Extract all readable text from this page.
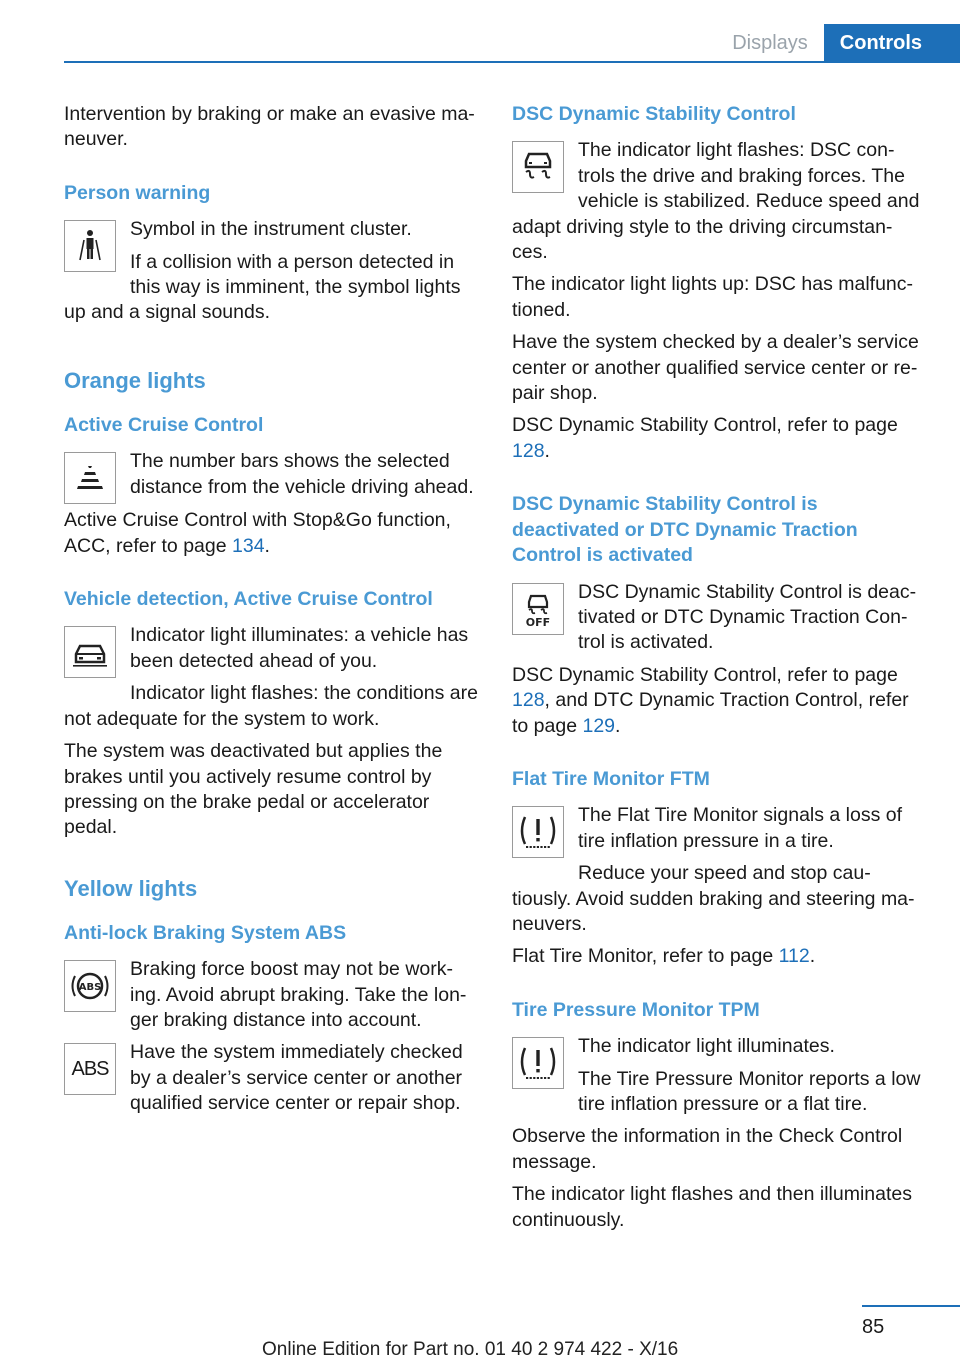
Displays	Controls

Intervention by braking or make an evasive ma‐ neuver.

Person warning

Symbol in the instrument cluster.

If a collision with a person detected in this way is imminent, the symbol lights up and a signal sounds.

Orange lights
Active Cruise Control

The number bars shows the selected distance from the vehicle driving ahead.

Active Cruise Control with Stop&Go function, ACC, refer to page 134.

Vehicle detection, Active Cruise Control

Indicator light illuminates: a vehicle has been detected ahead of you.

Indicator light flashes: the conditions are not adequate for the system to work.

The system was deactivated but applies the brakes until you actively resume control by pressing on the brake pedal or accelerator pedal.

Yellow lights
Anti-lock Braking System ABS
ABS

Braking force boost may not be work‐ ing. Avoid abrupt braking. Take the lon‐ ger braking distance into account.

ABS

Have the system immediately checked by a dealer’s service center or another qualified service center or repair shop.

DSC Dynamic Stability Control

The indicator light flashes: DSC con‐ trols the drive and braking forces. The vehicle is stabilized. Reduce speed and adapt driving style to the driving circumstan‐ ces.

The indicator light lights up: DSC has malfunc‐ tioned.

Have the system checked by a dealer’s service center or another qualified service center or re‐ pair shop.

DSC Dynamic Stability Control, refer to page 128.

DSC Dynamic Stability Control is deactivated or DTC Dynamic Traction Control is activated
OFF

DSC Dynamic Stability Control is deac‐ tivated or DTC Dynamic Traction Con‐ trol is activated.

DSC Dynamic Stability Control, refer to page 128, and DTC Dynamic Traction Control, refer to page 129.

Flat Tire Monitor FTM

The Flat Tire Monitor signals a loss of tire inflation pressure in a tire.

Reduce your speed and stop cau‐ tiously. Avoid sudden braking and steering ma‐ neuvers.

Flat Tire Monitor, refer to page 112.

Tire Pressure Monitor TPM

The indicator light illuminates.

The Tire Pressure Monitor reports a low tire inflation pressure or a flat tire.

Observe the information in the Check Control message.

The indicator light flashes and then illuminates continuously.

85
Online Edition for Part no. 01 40 2 974 422 - X/16
